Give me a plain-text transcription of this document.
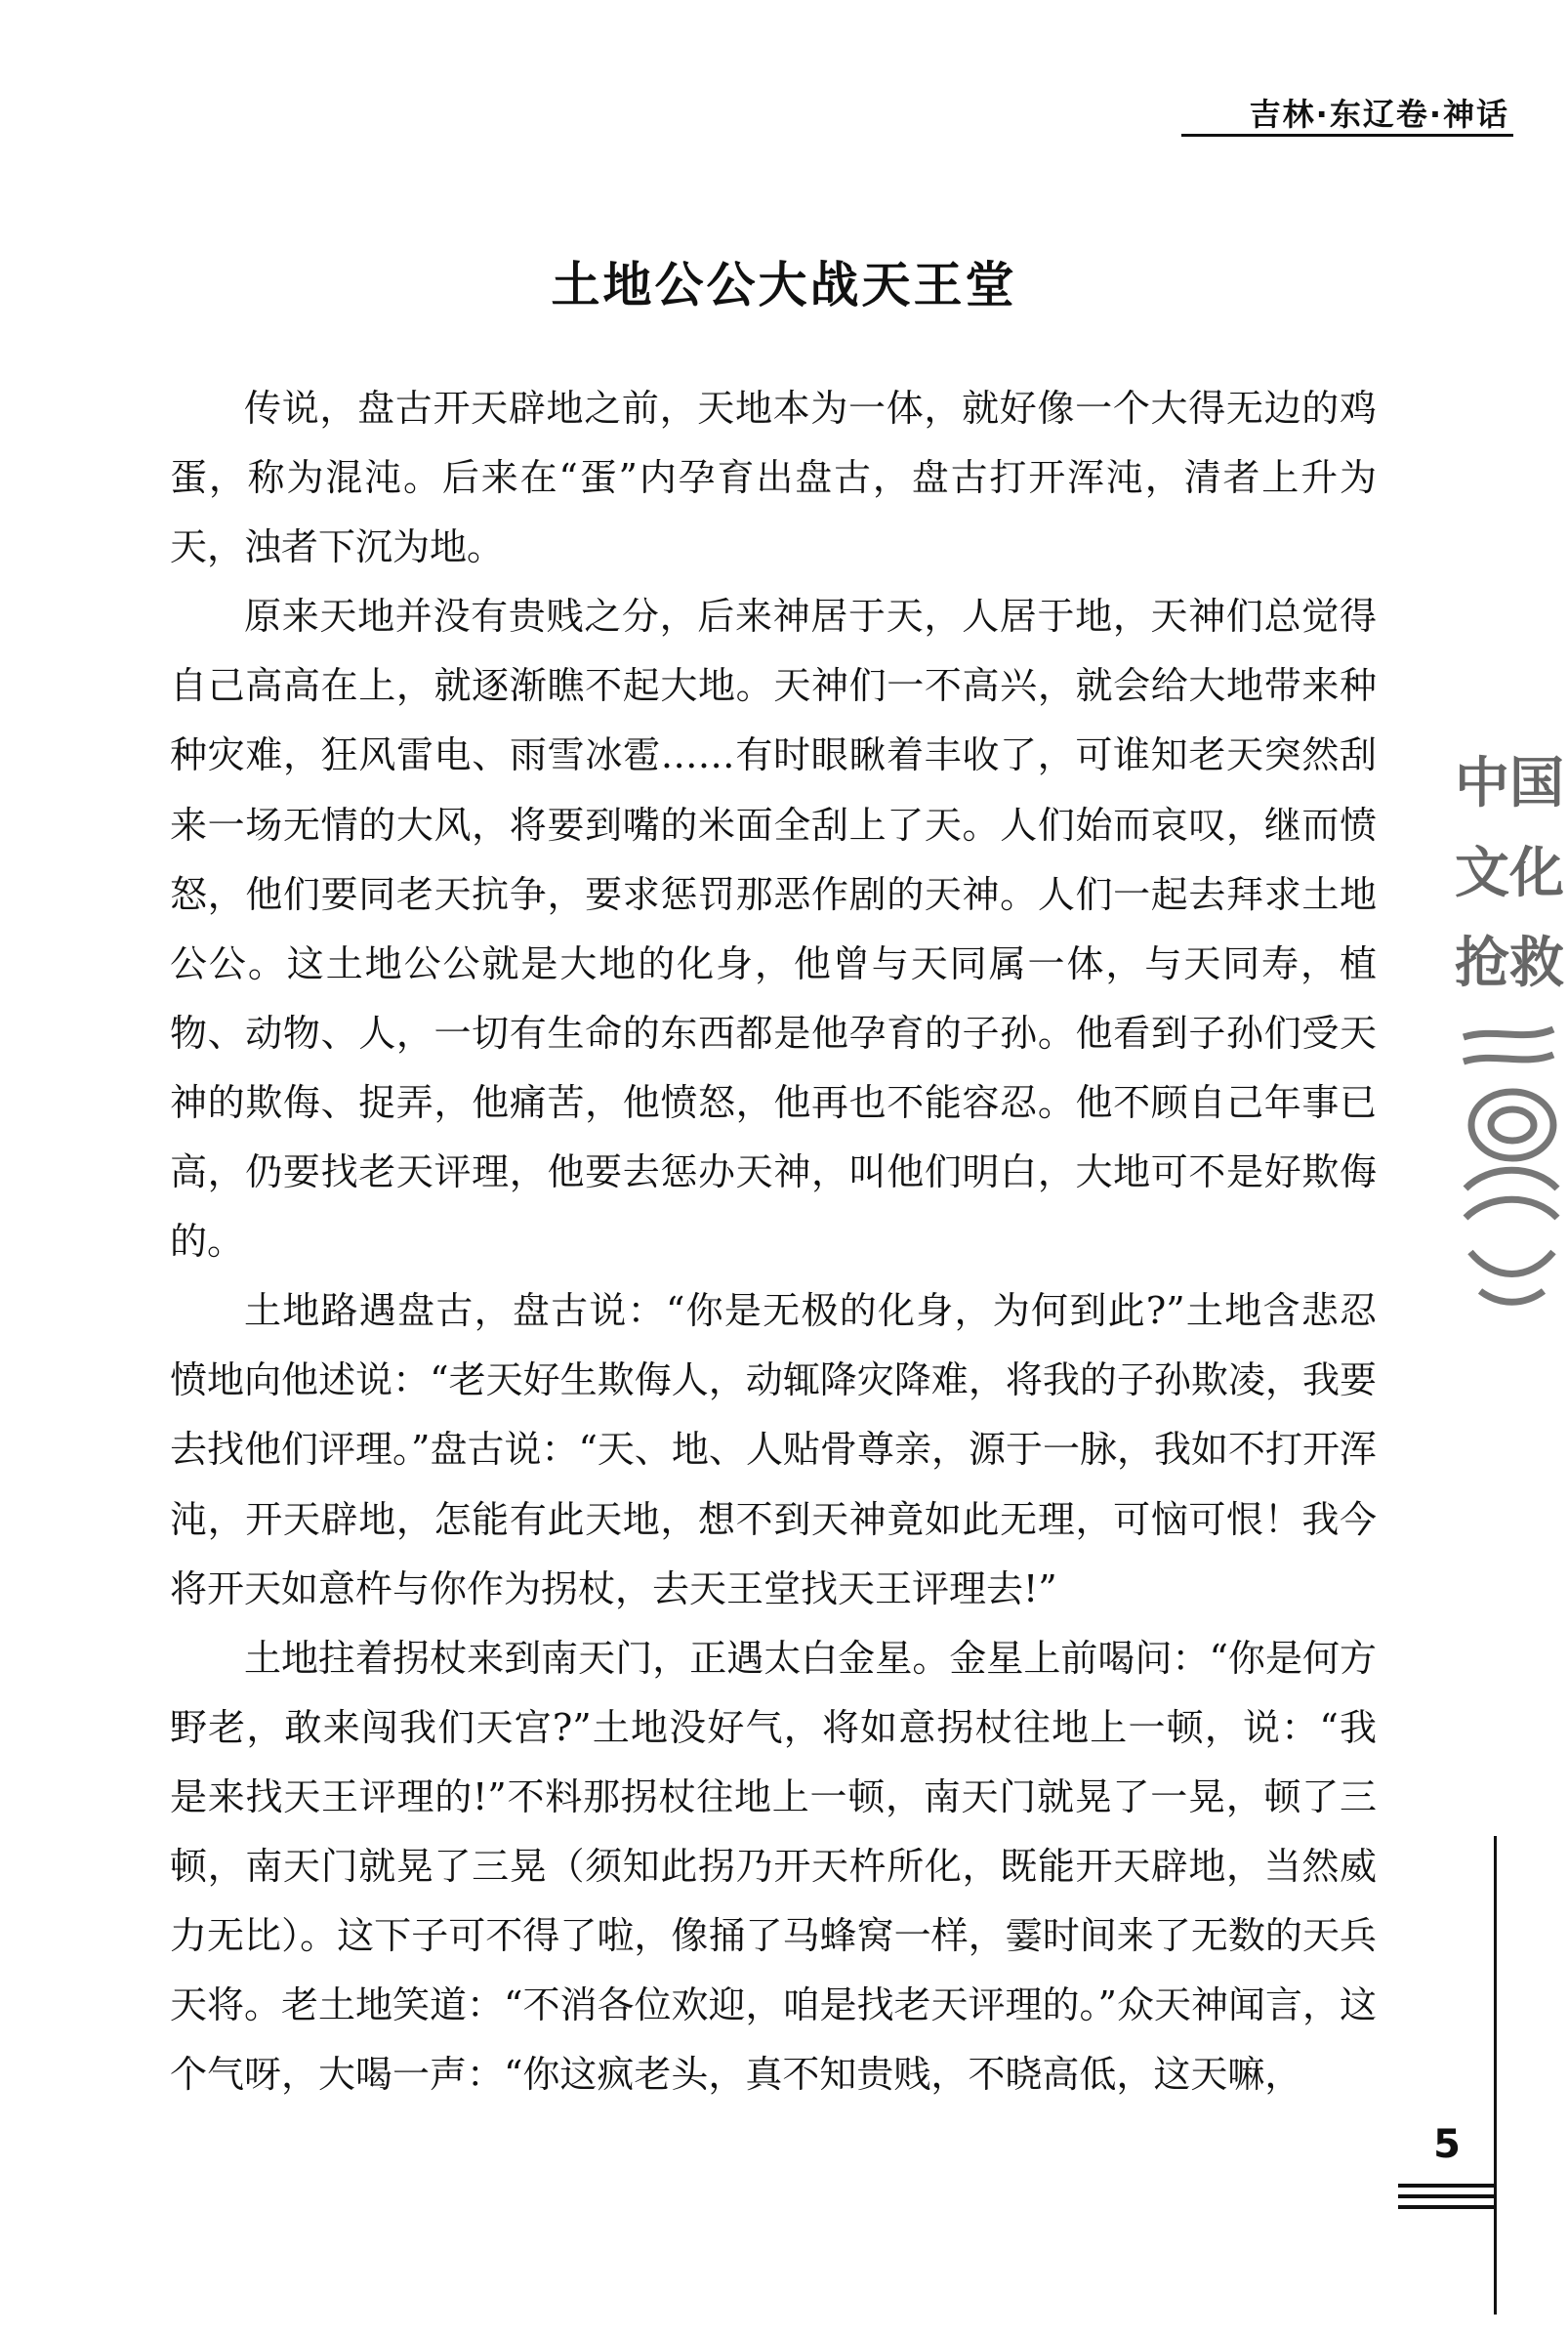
吉林·东辽卷·神话
土地公公大战天王堂

传说，盘古开天辟地之前，天地本为一体，就好像一个大得无边的鸡蛋，称为混沌。后来在“蛋”内孕育出盘古，盘古打开浑沌，清者上升为天，浊者下沉为地。

原来天地并没有贵贱之分，后来神居于天，人居于地，天神们总觉得自己高高在上，就逐渐瞧不起大地。天神们一不高兴，就会给大地带来种种灾难，狂风雷电、雨雪冰雹……有时眼瞅着丰收了，可谁知老天突然刮来一场无情的大风，将要到嘴的米面全刮上了天。人们始而哀叹，继而愤怒，他们要同老天抗争，要求惩罚那恶作剧的天神。人们一起去拜求土地公公。这土地公公就是大地的化身，他曾与天同属一体，与天同寿，植物、动物、人，一切有生命的东西都是他孕育的子孙。他看到子孙们受天神的欺侮、捉弄，他痛苦，他愤怒，他再也不能容忍。他不顾自己年事已高，仍要找老天评理，他要去惩办天神，叫他们明白，大地可不是好欺侮的。

土地路遇盘古，盘古说：“你是无极的化身，为何到此?”土地含悲忍愤地向他述说：“老天好生欺侮人，动辄降灾降难，将我的子孙欺凌，我要去找他们评理。”盘古说：“天、地、人贴骨尊亲，源于一脉，我如不打开浑沌，开天辟地，怎能有此天地，想不到天神竟如此无理，可恼可恨！我今将开天如意杵与你作为拐杖，去天王堂找天王评理去!”

土地拄着拐杖来到南天门，正遇太白金星。金星上前喝问：“你是何方野老，敢来闯我们天宫?”土地没好气，将如意拐杖往地上一顿，说：“我是来找天王评理的!”不料那拐杖往地上一顿，南天门就晃了一晃，顿了三顿，南天门就晃了三晃（须知此拐乃开天杵所化，既能开天辟地，当然威力无比）。这下子可不得了啦，像捅了马蜂窝一样，霎时间来了无数的天兵天将。老土地笑道：“不消各位欢迎，咱是找老天评理的。”众天神闻言，这个气呀，大喝一声：“你这疯老头，真不知贵贱，不晓高低，这天嘛，

中国
文化
抢救
5
